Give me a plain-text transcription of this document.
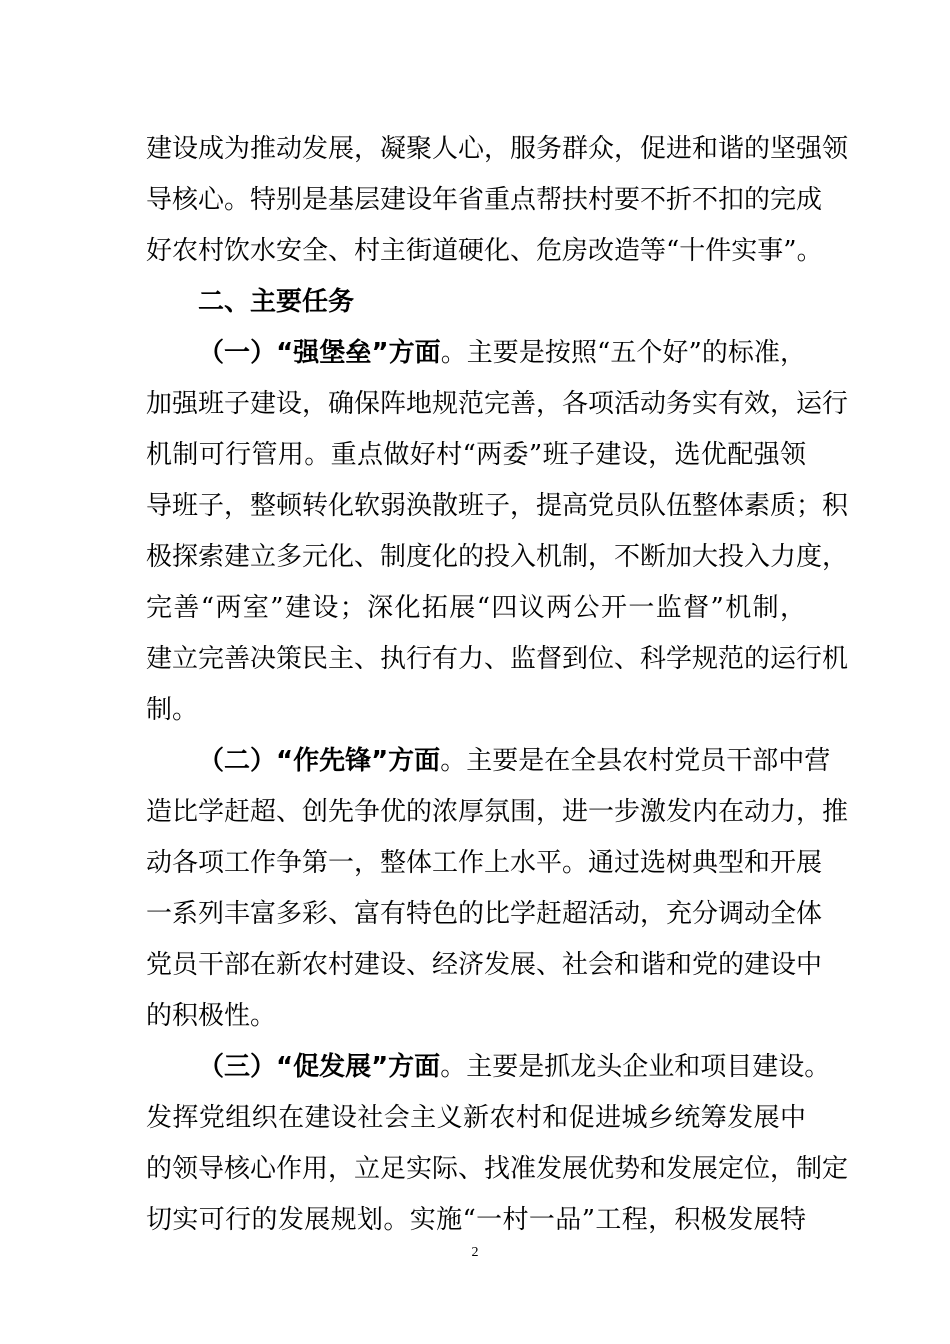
建设成为推动发展，凝聚人心，服务群众，促进和谐的坚强领
导核心。特别是基层建设年省重点帮扶村要不折不扣的完成
好农村饮水安全、村主街道硬化、危房改造等“十件实事”。
二、主要任务
（一）“强堡垒”方面。主要是按照“五个好”的标准，
加强班子建设，确保阵地规范完善，各项活动务实有效，运行
机制可行管用。重点做好村“两委”班子建设，选优配强领
导班子，整顿转化软弱涣散班子，提高党员队伍整体素质；积
极探索建立多元化、制度化的投入机制，不断加大投入力度，
完善“两室”建设；深化拓展“四议两公开一监督”机制，
建立完善决策民主、执行有力、监督到位、科学规范的运行机
制。
（二）“作先锋”方面。主要是在全县农村党员干部中营
造比学赶超、创先争优的浓厚氛围，进一步激发内在动力，推
动各项工作争第一，整体工作上水平。通过选树典型和开展
一系列丰富多彩、富有特色的比学赶超活动，充分调动全体
党员干部在新农村建设、经济发展、社会和谐和党的建设中
的积极性。
（三）“促发展”方面。主要是抓龙头企业和项目建设。
发挥党组织在建设社会主义新农村和促进城乡统筹发展中
的领导核心作用，立足实际、找准发展优势和发展定位，制定
切实可行的发展规划。实施“一村一品”工程，积极发展特
2
